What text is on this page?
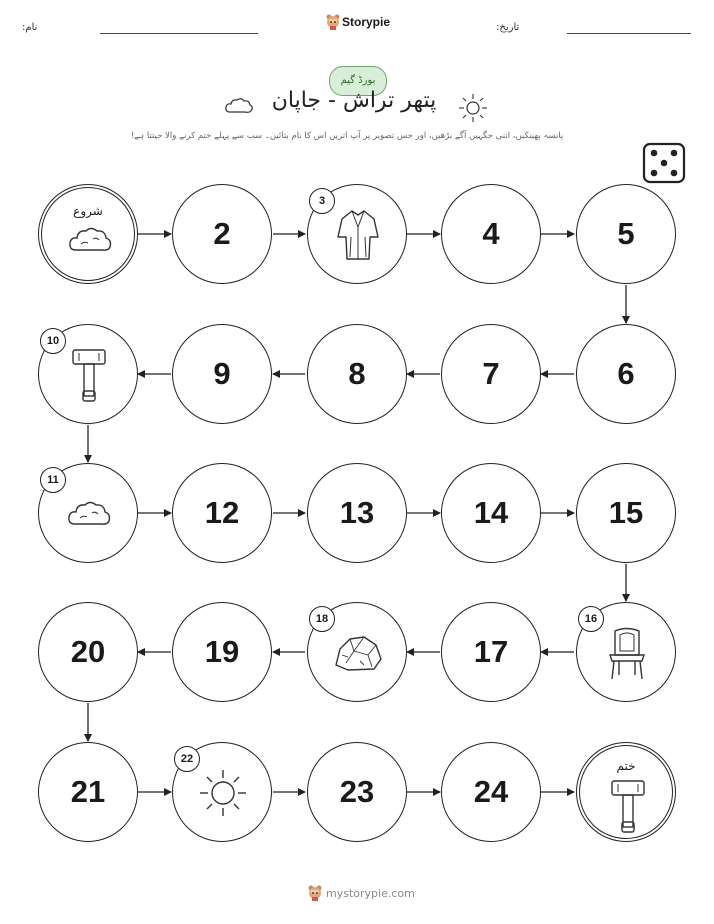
:نام	Storypie	:تاریخ
بورڈ گیم
پتھر تراش - جاپان
پانسہ پھینکیں، اتنی جگہیں آگے بڑھیں، اور جس تصویر پر آپ اتریں اس کا نام بتائیں۔ سب سے پہلے ختم کرنے والا جیتتا ہے!
شروع
2
3
4	5
6
7
8
9
10
11
12	13	14	15
16
17
18
19
20
21
22
23	24
ختم
mystorypie.com
